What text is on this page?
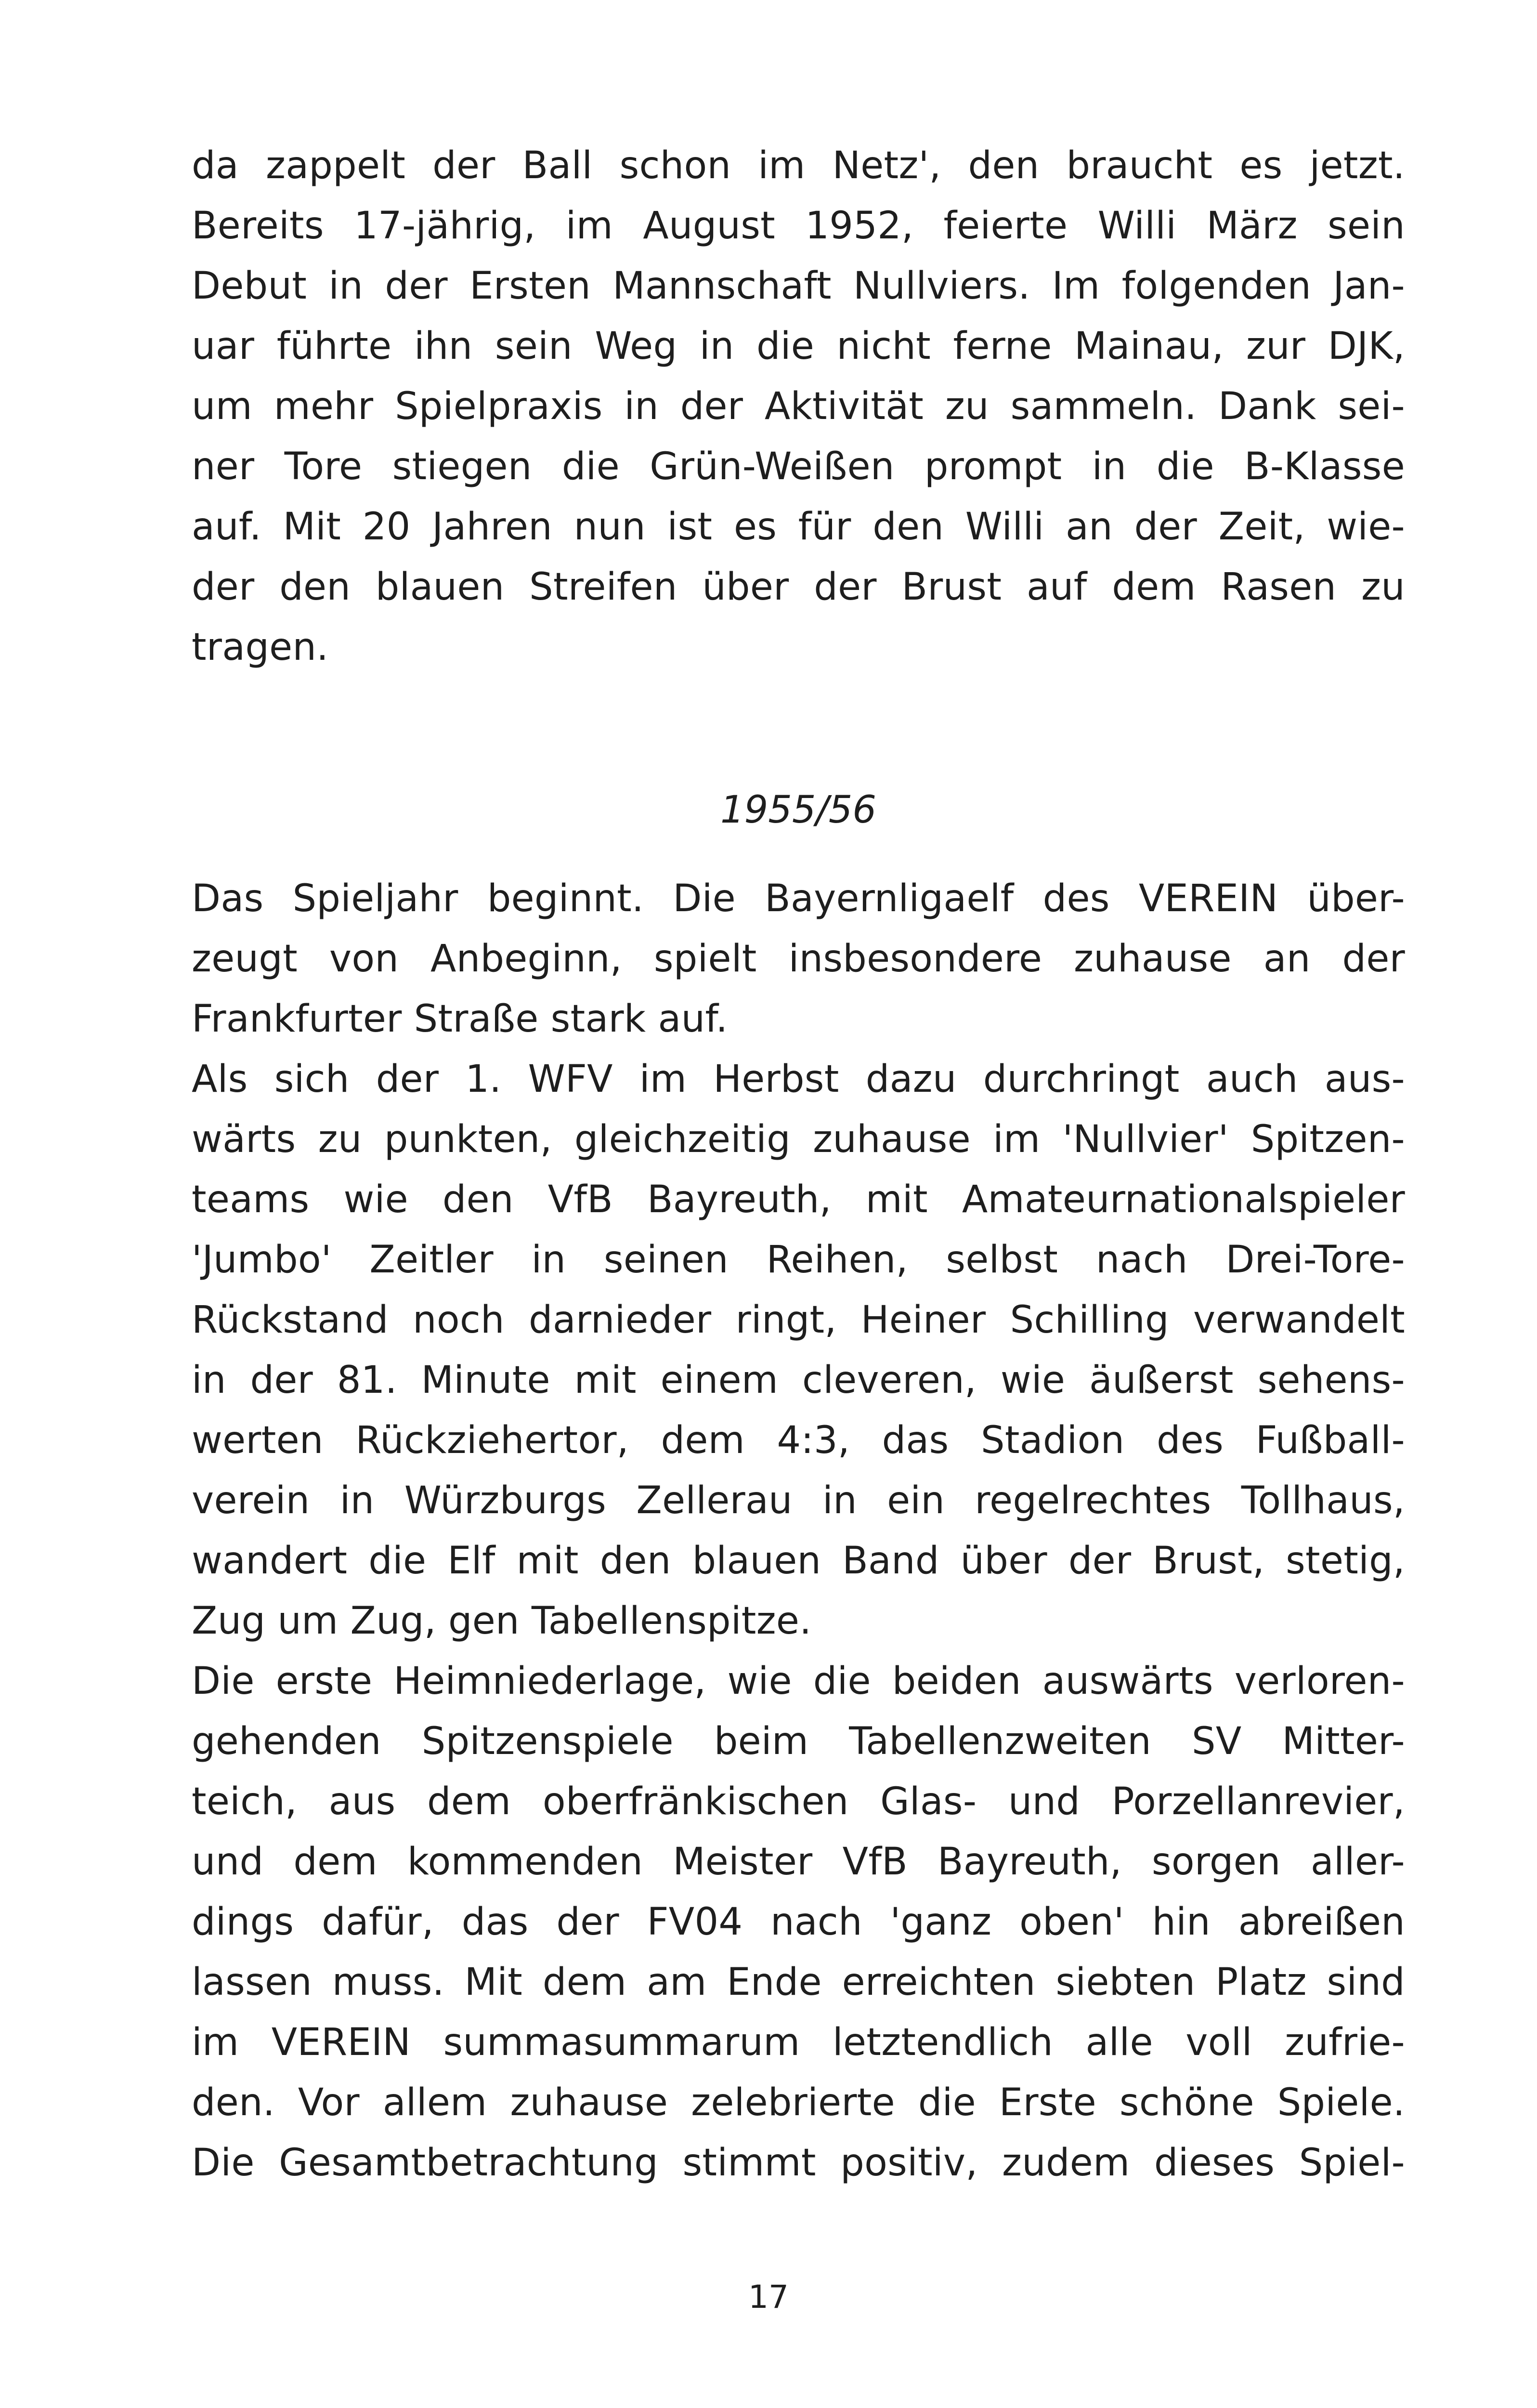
da zappelt der Ball schon im Netz', den braucht es jetzt.
Bereits 17-jährig, im August 1952, feierte Willi März sein
Debut in der Ersten Mannschaft Nullviers. Im folgenden Jan-
uar führte ihn sein Weg in die nicht ferne Mainau, zur DJK,
um mehr Spielpraxis in der Aktivität zu sammeln. Dank sei-
ner Tore stiegen die Grün-Weißen prompt in die B-Klasse
auf. Mit 20 Jahren nun ist es für den Willi an der Zeit, wie-
der den blauen Streifen über der Brust auf dem Rasen zu
tragen.
1955/56
Das Spieljahr beginnt. Die Bayernligaelf des VEREIN über-
zeugt von Anbeginn, spielt insbesondere zuhause an der
Frankfurter Straße stark auf.
Als sich der 1. WFV im Herbst dazu durchringt auch aus-
wärts zu punkten, gleichzeitig zuhause im 'Nullvier' Spitzen-
teams wie den VfB Bayreuth, mit Amateurnationalspieler
'Jumbo' Zeitler in seinen Reihen, selbst nach Drei-Tore-
Rückstand noch darnieder ringt, Heiner Schilling verwandelt
in der 81. Minute mit einem cleveren, wie äußerst sehens-
werten Rückziehertor, dem 4:3, das Stadion des Fußball-
verein in Würzburgs Zellerau in ein regelrechtes Tollhaus,
wandert die Elf mit den blauen Band über der Brust, stetig,
Zug um Zug, gen Tabellenspitze.
Die erste Heimniederlage, wie die beiden auswärts verloren-
gehenden Spitzenspiele beim Tabellenzweiten SV Mitter-
teich, aus dem oberfränkischen Glas- und Porzellanrevier,
und dem kommenden Meister VfB Bayreuth, sorgen aller-
dings dafür, das der FV04 nach 'ganz oben' hin abreißen
lassen muss. Mit dem am Ende erreichten siebten Platz sind
im VEREIN summasummarum letztendlich alle voll zufrie-
den. Vor allem zuhause zelebrierte die Erste schöne Spiele.
Die Gesamtbetrachtung stimmt positiv, zudem dieses Spiel-
17
